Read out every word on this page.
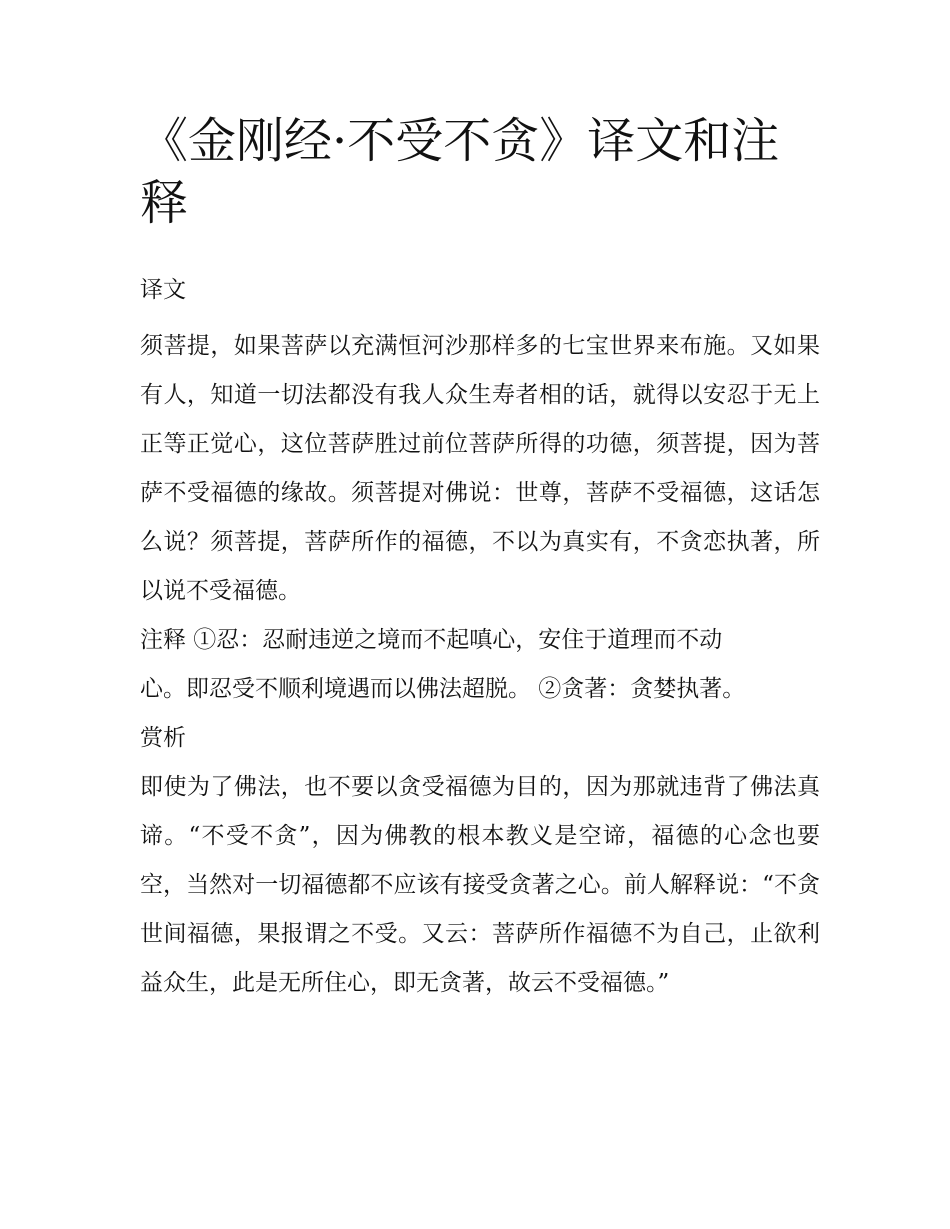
《金刚经·不受不贪》译文和注释
译文

须菩提，如果菩萨以充满恒河沙那样多的七宝世界来布施。又如果有人，知道一切法都没有我人众生寿者相的话，就得以安忍于无上正等正觉心，这位菩萨胜过前位菩萨所得的功德，须菩提，因为菩萨不受福德的缘故。须菩提对佛说：世尊，菩萨不受福德，这话怎么说？须菩提，菩萨所作的福德，不以为真实有，不贪恋执著，所以说不受福德。

注释 ①忍：忍耐违逆之境而不起嗔心，安住于道理而不动
心。即忍受不顺利境遇而以佛法超脱。 ②贪著：贪婪执著。
赏析

即使为了佛法，也不要以贪受福德为目的，因为那就违背了佛法真谛。“不受不贪”，因为佛教的根本教义是空谛，福德的心念也要空，当然对一切福德都不应该有接受贪著之心。前人解释说：“不贪世间福德，果报谓之不受。又云：菩萨所作福德不为自己，止欲利益众生，此是无所住心，即无贪著，故云不受福德。”
